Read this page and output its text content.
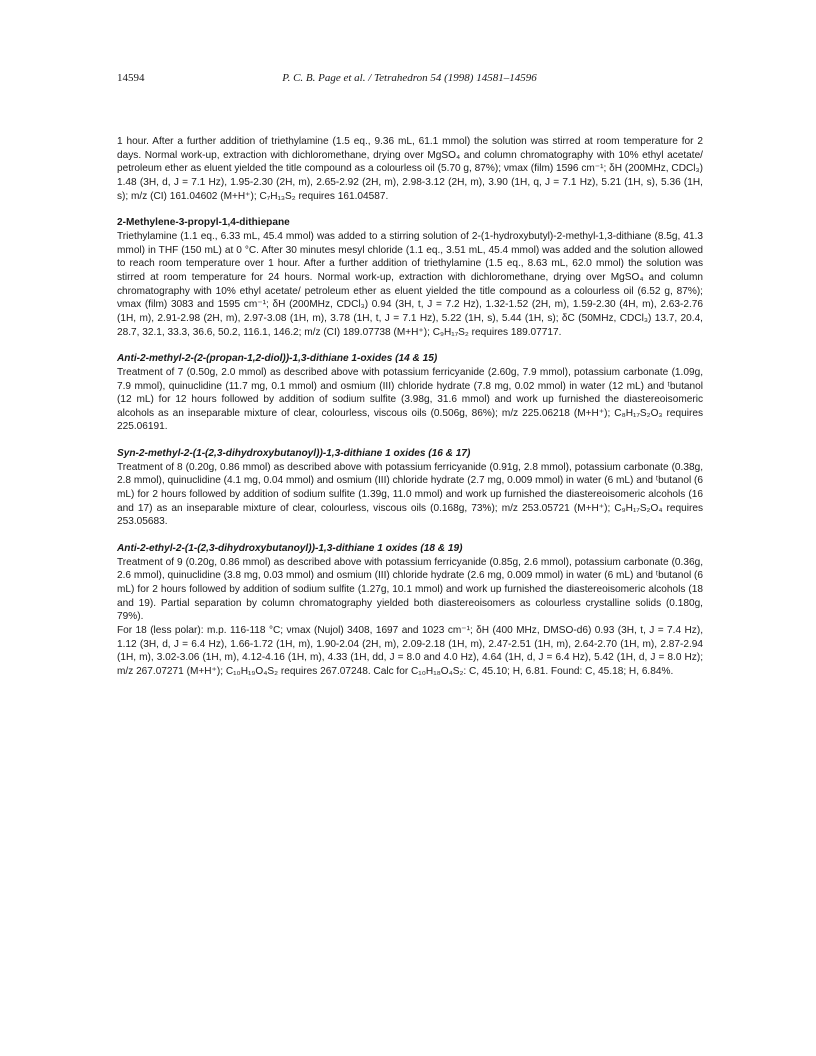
14594	P. C. B. Page et al. / Tetrahedron 54 (1998) 14581–14596

1 hour. After a further addition of triethylamine (1.5 eq., 9.36 mL, 61.1 mmol) the solution was stirred at room temperature for 2 days. Normal work-up, extraction with dichloromethane, drying over MgSO₄ and column chromatography with 10% ethyl acetate/ petroleum ether as eluent yielded the title compound as a colourless oil (5.70 g, 87%); νmax (film) 1596 cm⁻¹; δH (200MHz, CDCl₃) 1.48 (3H, d, J = 7.1 Hz), 1.95-2.30 (2H, m), 2.65-2.92 (2H, m), 2.98-3.12 (2H, m), 3.90 (1H, q, J = 7.1 Hz), 5.21 (1H, s), 5.36 (1H, s); m/z (CI) 161.04602 (M+H⁺); C₇H₁₃S₂ requires 161.04587.

2-Methylene-3-propyl-1,4-dithiepane

Triethylamine (1.1 eq., 6.33 mL, 45.4 mmol) was added to a stirring solution of 2-(1-hydroxybutyl)-2-methyl-1,3-dithiane (8.5g, 41.3 mmol) in THF (150 mL) at 0 °C. After 30 minutes mesyl chloride (1.1 eq., 3.51 mL, 45.4 mmol) was added and the solution allowed to reach room temperature over 1 hour. After a further addition of triethylamine (1.5 eq., 8.63 mL, 62.0 mmol) the solution was stirred at room temperature for 24 hours. Normal work-up, extraction with dichloromethane, drying over MgSO₄ and column chromatography with 10% ethyl acetate/ petroleum ether as eluent yielded the title compound as a colourless oil (6.52 g, 87%); νmax (film) 3083 and 1595 cm⁻¹; δH (200MHz, CDCl₃) 0.94 (3H, t, J = 7.2 Hz), 1.32-1.52 (2H, m), 1.59-2.30 (4H, m), 2.63-2.76 (1H, m), 2.91-2.98 (2H, m), 2.97-3.08 (1H, m), 3.78 (1H, t, J = 7.1 Hz), 5.22 (1H, s), 5.44 (1H, s); δC (50MHz, CDCl₃) 13.7, 20.4, 28.7, 32.1, 33.3, 36.6, 50.2, 116.1, 146.2; m/z (CI) 189.07738 (M+H⁺); C₉H₁₇S₂ requires 189.07717.

Anti-2-methyl-2-(2-(propan-1,2-diol))-1,3-dithiane 1-oxides (14 & 15)

Treatment of 7 (0.50g, 2.0 mmol) as described above with potassium ferricyanide (2.60g, 7.9 mmol), potassium carbonate (1.09g, 7.9 mmol), quinuclidine (11.7 mg, 0.1 mmol) and osmium (III) chloride hydrate (7.8 mg, 0.02 mmol) in water (12 mL) and ᵗbutanol (12 mL) for 12 hours followed by addition of sodium sulfite (3.98g, 31.6 mmol) and work up furnished the diastereoisomeric alcohols as an inseparable mixture of clear, colourless, viscous oils (0.506g, 86%); m/z 225.06218 (M+H⁺); C₈H₁₇S₂O₃ requires 225.06191.

Syn-2-methyl-2-(1-(2,3-dihydroxybutanoyl))-1,3-dithiane 1 oxides (16 & 17)

Treatment of 8 (0.20g, 0.86 mmol) as described above with potassium ferricyanide (0.91g, 2.8 mmol), potassium carbonate (0.38g, 2.8 mmol), quinuclidine (4.1 mg, 0.04 mmol) and osmium (III) chloride hydrate (2.7 mg, 0.009 mmol) in water (6 mL) and ᵗbutanol (6 mL) for 2 hours followed by addition of sodium sulfite (1.39g, 11.0 mmol) and work up furnished the diastereoisomeric alcohols (16 and 17) as an inseparable mixture of clear, colourless, viscous oils (0.168g, 73%); m/z 253.05721 (M+H⁺); C₉H₁₇S₂O₄ requires 253.05683.

Anti-2-ethyl-2-(1-(2,3-dihydroxybutanoyl))-1,3-dithiane 1 oxides (18 & 19)

Treatment of 9 (0.20g, 0.86 mmol) as described above with potassium ferricyanide (0.85g, 2.6 mmol), potassium carbonate (0.36g, 2.6 mmol), quinuclidine (3.8 mg, 0.03 mmol) and osmium (III) chloride hydrate (2.6 mg, 0.009 mmol) in water (6 mL) and ᵗbutanol (6 mL) for 2 hours followed by addition of sodium sulfite (1.27g, 10.1 mmol) and work up furnished the diastereoisomeric alcohols (18 and 19). Partial separation by column chromatography yielded both diastereoisomers as colourless crystalline solids (0.180g, 79%).

For 18 (less polar): m.p. 116-118 °C; νmax (Nujol) 3408, 1697 and 1023 cm⁻¹; δH (400 MHz, DMSO-d6) 0.93 (3H, t, J = 7.4 Hz), 1.12 (3H, d, J = 6.4 Hz), 1.66-1.72 (1H, m), 1.90-2.04 (2H, m), 2.09-2.18 (1H, m), 2.47-2.51 (1H, m), 2.64-2.70 (1H, m), 2.87-2.94 (1H, m), 3.02-3.06 (1H, m), 4.12-4.16 (1H, m), 4.33 (1H, dd, J = 8.0 and 4.0 Hz), 4.64 (1H, d, J = 6.4 Hz), 5.42 (1H, d, J = 8.0 Hz); m/z 267.07271 (M+H⁺); C₁₀H₁₉O₄S₂ requires 267.07248. Calc for C₁₀H₁₈O₄S₂: C, 45.10; H, 6.81. Found: C, 45.18; H, 6.84%.
